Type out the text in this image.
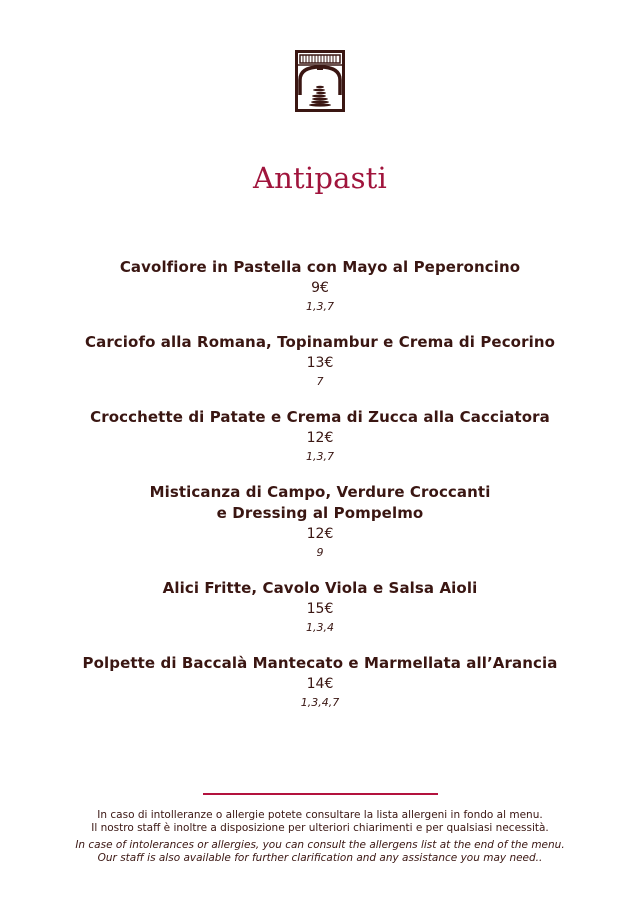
Antipasti
Cavolfiore in Pastella con Mayo al Peperoncino
9€
1,3,7
Carciofo alla Romana, Topinambur e Crema di Pecorino
13€
7
Crocchette di Patate e Crema di Zucca alla Cacciatora
12€
1,3,7
Misticanza di Campo, Verdure Croccanti
e Dressing al Pompelmo
12€
9
Alici Fritte, Cavolo Viola e Salsa Aioli
15€
1,3,4
Polpette di Baccalà Mantecato e Marmellata all’Arancia
14€
1,3,4,7

In caso di intolleranze o allergie potete consultare la lista allergeni in fondo al menu.
Il nostro staff è inoltre a disposizione per ulteriori chiarimenti e per qualsiasi necessità.

In case of intolerances or allergies, you can consult the allergens list at the end of the menu.
Our staff is also available for further clarification and any assistance you may need..
